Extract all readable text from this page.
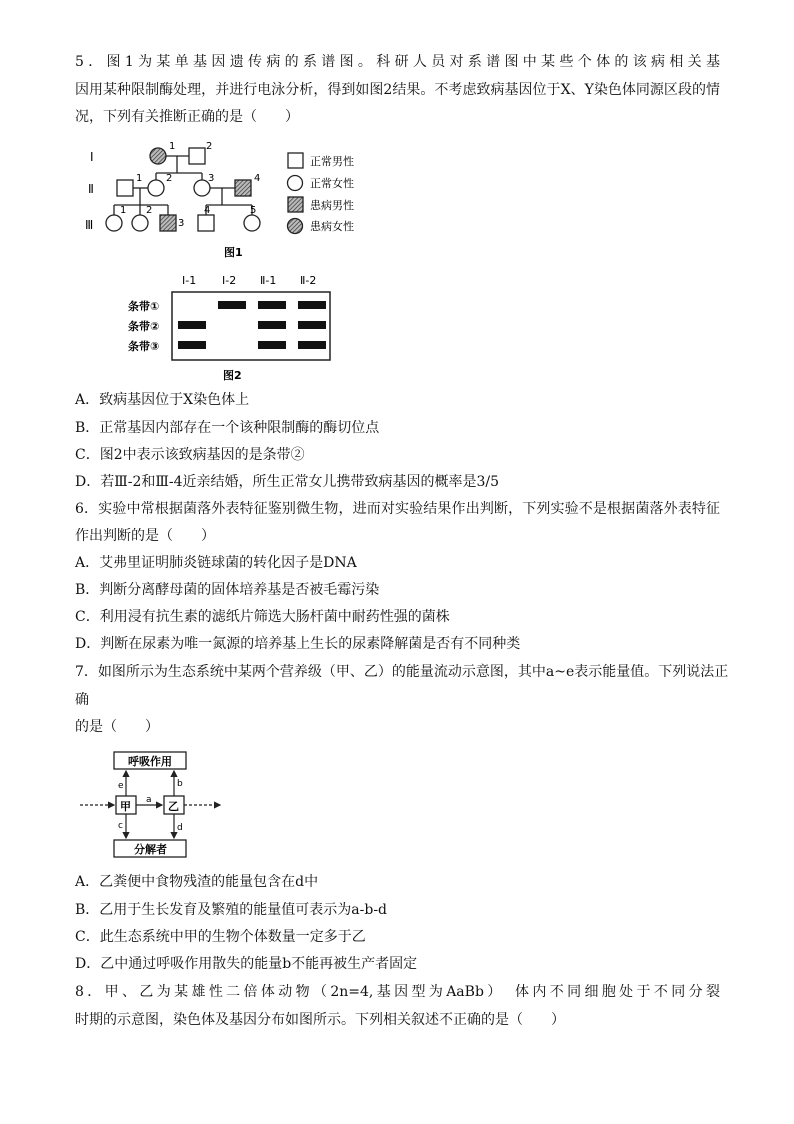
5．图1为某单基因遗传病的系谱图。科研人员对系谱图中某些个体的该病相关基
因用某种限制酶处理，并进行电泳分析，得到如图2结果。不考虑致病基因位于X、Y染色体同源区段的情
况，下列有关推断正确的是（　　）
Ⅰ
Ⅱ
Ⅲ
1	2
1 2	3	4
1 2
3
4	5
正常男性
正常女性
患病男性
患病女性
图1
Ⅰ-1 Ⅰ-2 Ⅱ-1 Ⅱ-2
条带①
条带②
条带③
图2
A．致病基因位于X染色体上
B．正常基因内部存在一个该种限制酶的酶切位点
C．图2中表示该致病基因的是条带②
D．若Ⅲ-2和Ⅲ-4近亲结婚，所生正常女儿携带致病基因的概率是3/5
6．实验中常根据菌落外表特征鉴别微生物，进而对实验结果作出判断，下列实验不是根据菌落外表特征
作出判断的是（　　）
A．艾弗里证明肺炎链球菌的转化因子是DNA
B．判断分离酵母菌的固体培养基是否被毛霉污染
C．利用浸有抗生素的滤纸片筛选大肠杆菌中耐药性强的菌株
D．判断在尿素为唯一氮源的培养基上生长的尿素降解菌是否有不同种类
7．如图所示为生态系统中某两个营养级（甲、乙）的能量流动示意图，其中a~e表示能量值。下列说法正
确
的是（　　）
呼吸作用
分解者
甲	乙
a
e	b
c	d
A．乙粪便中食物残渣的能量包含在d中
B．乙用于生长发育及繁殖的能量值可表示为a-b-d
C．此生态系统中甲的生物个体数量一定多于乙
D．乙中通过呼吸作用散失的能量b不能再被生产者固定
8．甲、乙为某雄性二倍体动物（2n=4,基因型为AaBb）　体内不同细胞处于不同分裂
时期的示意图，染色体及基因分布如图所示。下列相关叙述不正确的是（　　）
